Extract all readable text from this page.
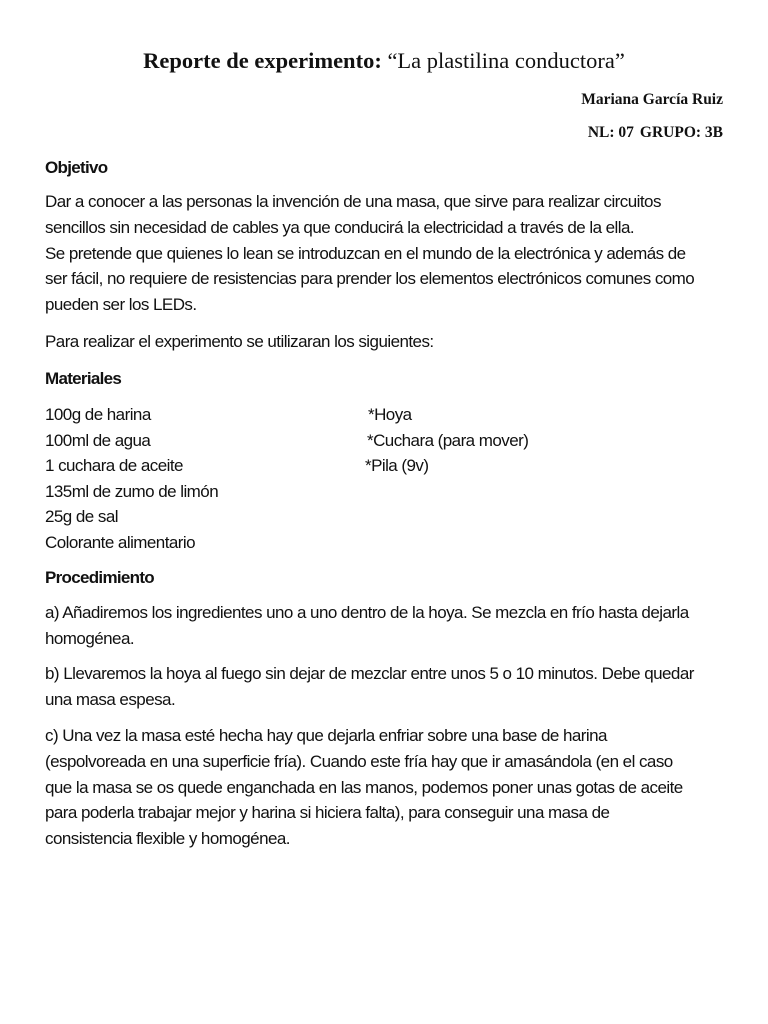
Reporte de experimento: “La plastilina conductora”
Mariana García Ruiz
NL: 07 GRUPO: 3B
Objetivo
Dar a conocer a las personas la invención de una masa, que sirve para realizar circuitos
sencillos sin necesidad de cables ya que conducirá la electricidad a través de la ella.
Se pretende que quienes lo lean se introduzcan en el mundo de la electrónica y además de
ser fácil, no requiere de resistencias para prender los elementos electrónicos comunes como
pueden ser los LEDs.
Para realizar el experimento se utilizaran los siguientes:
Materiales
100g de harina	*Hoya
100ml de agua	*Cuchara (para mover)
1 cuchara de aceite	*Pila (9v)
135ml de zumo de limón
25g de sal
Colorante alimentario
Procedimiento
a) Añadiremos los ingredientes uno a uno dentro de la hoya. Se mezcla en frío hasta dejarla
homogénea.
b) Llevaremos la hoya al fuego sin dejar de mezclar entre unos 5 o 10 minutos. Debe quedar
una masa espesa.
c) Una vez la masa esté hecha hay que dejarla enfriar sobre una base de harina
(espolvoreada en una superficie fría). Cuando este fría hay que ir amasándola (en el caso
que la masa se os quede enganchada en las manos, podemos poner unas gotas de aceite
para poderla trabajar mejor y harina si hiciera falta), para conseguir una masa de
consistencia flexible y homogénea.
